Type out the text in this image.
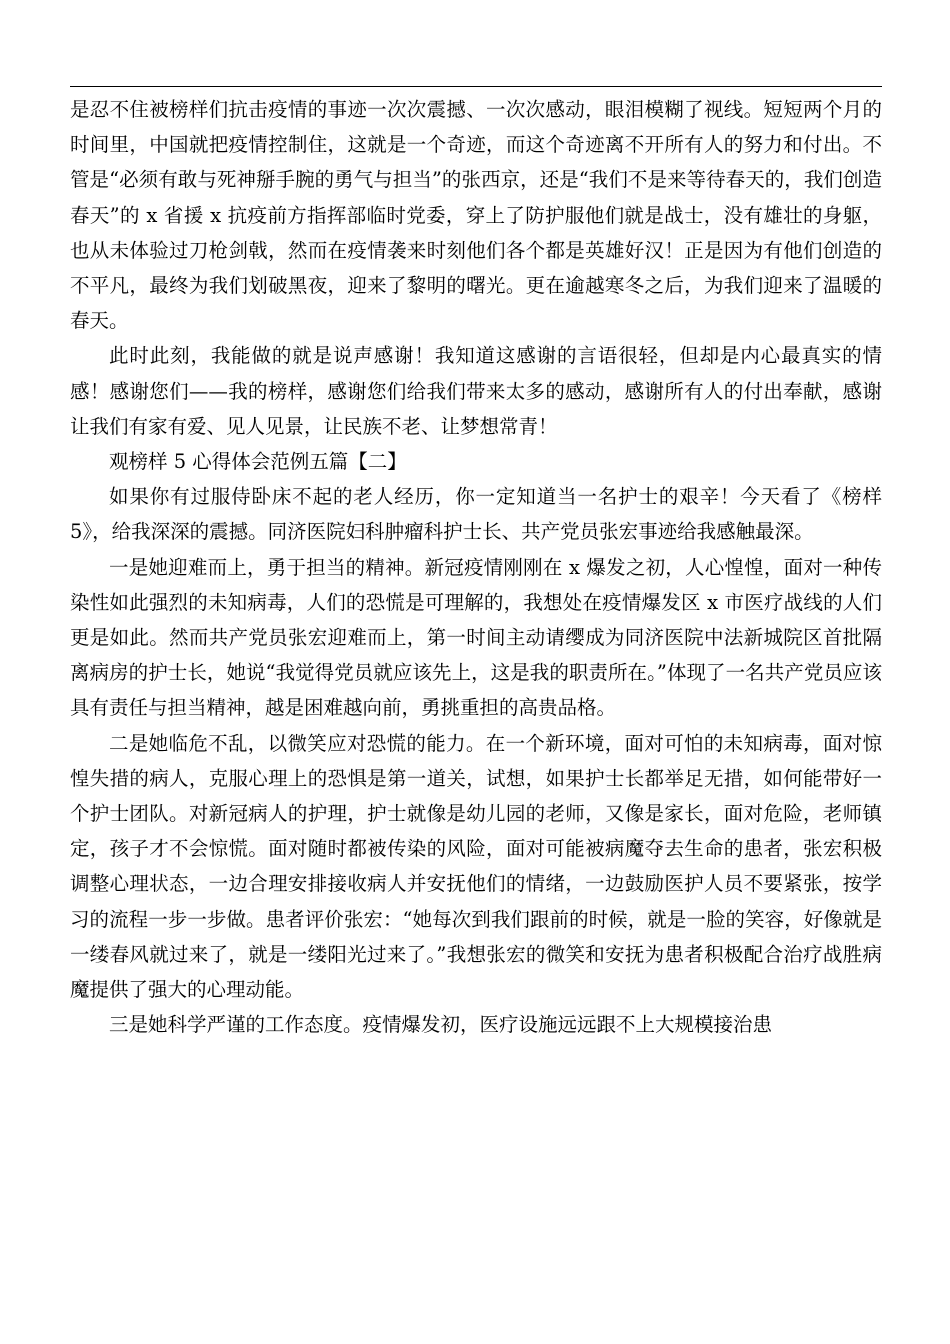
是忍不住被榜样们抗击疫情的事迹一次次震撼、一次次感动，眼泪模糊了视线。短短两个月的时间里，中国就把疫情控制住，这就是一个奇迹，而这个奇迹离不开所有人的努力和付出。不管是“必须有敢与死神掰手腕的勇气与担当”的张西京，还是“我们不是来等待春天的，我们创造春天”的 x 省援 x 抗疫前方指挥部临时党委，穿上了防护服他们就是战士，没有雄壮的身躯，也从未体验过刀枪剑戟，然而在疫情袭来时刻他们各个都是英雄好汉！正是因为有他们创造的不平凡，最终为我们划破黑夜，迎来了黎明的曙光。更在逾越寒冬之后，为我们迎来了温暖的春天。

此时此刻，我能做的就是说声感谢！我知道这感谢的言语很轻，但却是内心最真实的情感！感谢您们——我的榜样，感谢您们给我们带来太多的感动，感谢所有人的付出奉献，感谢让我们有家有爱、见人见景，让民族不老、让梦想常青！

观榜样 5 心得体会范例五篇【二】

如果你有过服侍卧床不起的老人经历，你一定知道当一名护士的艰辛！今天看了《榜样 5》，给我深深的震撼。同济医院妇科肿瘤科护士长、共产党员张宏事迹给我感触最深。

一是她迎难而上，勇于担当的精神。新冠疫情刚刚在 x 爆发之初，人心惶惶，面对一种传染性如此强烈的未知病毒，人们的恐慌是可理解的，我想处在疫情爆发区 x 市医疗战线的人们更是如此。然而共产党员张宏迎难而上，第一时间主动请缨成为同济医院中法新城院区首批隔离病房的护士长，她说“我觉得党员就应该先上，这是我的职责所在。”体现了一名共产党员应该具有责任与担当精神，越是困难越向前，勇挑重担的高贵品格。

二是她临危不乱，以微笑应对恐慌的能力。在一个新环境，面对可怕的未知病毒，面对惊惶失措的病人，克服心理上的恐惧是第一道关，试想，如果护士长都举足无措，如何能带好一个护士团队。对新冠病人的护理，护士就像是幼儿园的老师，又像是家长，面对危险，老师镇定，孩子才不会惊慌。面对随时都被传染的风险，面对可能被病魔夺去生命的患者，张宏积极调整心理状态，一边合理安排接收病人并安抚他们的情绪，一边鼓励医护人员不要紧张，按学习的流程一步一步做。患者评价张宏：“她每次到我们跟前的时候，就是一脸的笑容，好像就是一缕春风就过来了，就是一缕阳光过来了。”我想张宏的微笑和安抚为患者积极配合治疗战胜病魔提供了强大的心理动能。

三是她科学严谨的工作态度。疫情爆发初，医疗设施远远跟不上大规模接治患
